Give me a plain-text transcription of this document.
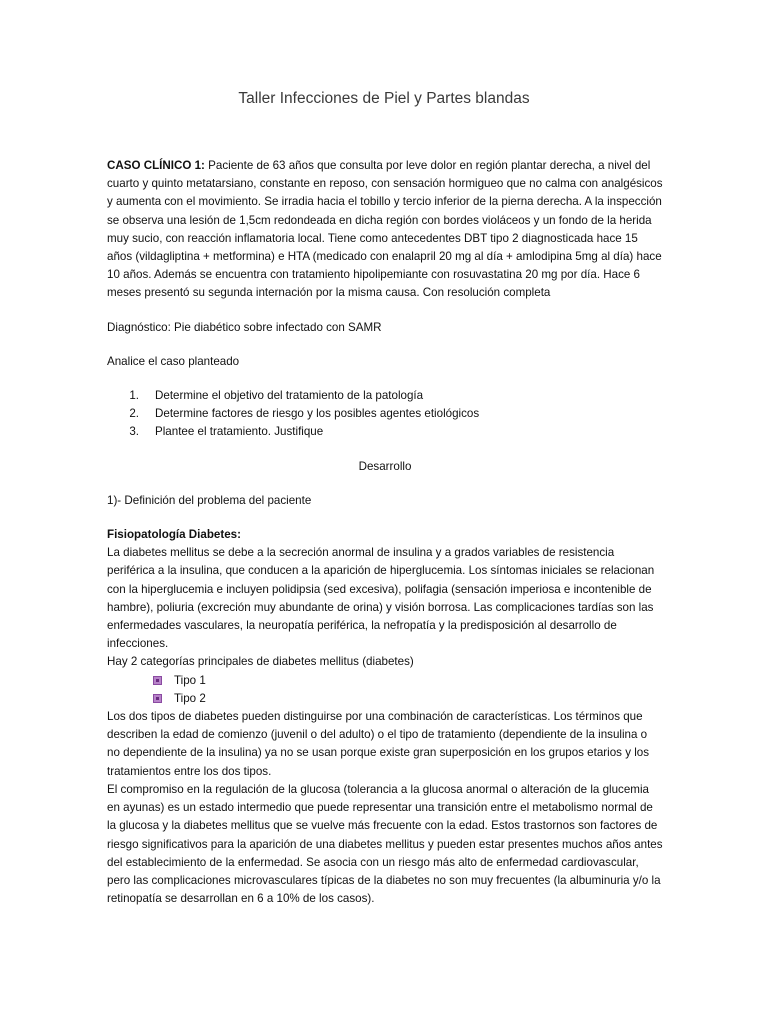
Taller Infecciones de Piel y Partes blandas

CASO CLÍNICO 1: Paciente de 63 años que consulta por leve dolor en región plantar derecha, a nivel del cuarto y quinto metatarsiano, constante en reposo, con sensación hormigueo que no calma con analgésicos y aumenta con el movimiento. Se irradia hacia el tobillo y tercio inferior de la pierna derecha. A la inspección se observa una lesión de 1,5cm redondeada en dicha región con bordes violáceos y un fondo de la herida muy sucio, con reacción inflamatoria local. Tiene como antecedentes DBT tipo 2 diagnosticada hace 15 años (vildagliptina + metformina) e HTA (medicado con enalapril 20 mg al día + amlodipina 5mg al día) hace 10 años. Además se encuentra con tratamiento hipolipemiante con rosuvastatina 20 mg por día. Hace 6 meses presentó su segunda internación por la misma causa. Con resolución completa

Diagnóstico: Pie diabético sobre infectado con SAMR

Analice el caso planteado

1.	Determine el objetivo del tratamiento de la patología
2.	Determine factores de riesgo y los posibles agentes etiológicos
3.	Plantee el tratamiento. Justifique

Desarrollo

1)- Definición del problema del paciente

Fisiopatología Diabetes:

La diabetes mellitus se debe a la secreción anormal de insulina y a grados variables de resistencia periférica a la insulina, que conducen a la aparición de hiperglucemia. Los síntomas iniciales se relacionan con la hiperglucemia e incluyen polidipsia (sed excesiva), polifagia (sensación imperiosa e incontenible de hambre), poliuria (excreción muy abundante de orina) y visión borrosa. Las complicaciones tardías son las enfermedades vasculares, la neuropatía periférica, la nefropatía y la predisposición al desarrollo de infecciones.

Hay 2 categorías principales de diabetes mellitus (diabetes)

Tipo 1
Tipo 2

Los dos tipos de diabetes pueden distinguirse por una combinación de características. Los términos que describen la edad de comienzo (juvenil o del adulto) o el tipo de tratamiento (dependiente de la insulina o no dependiente de la insulina) ya no se usan porque existe gran superposición en los grupos etarios y los tratamientos entre los dos tipos.

El compromiso en la regulación de la glucosa (tolerancia a la glucosa anormal o alteración de la glucemia en ayunas) es un estado intermedio que puede representar una transición entre el metabolismo normal de la glucosa y la diabetes mellitus que se vuelve más frecuente con la edad. Estos trastornos son factores de riesgo significativos para la aparición de una diabetes mellitus y pueden estar presentes muchos años antes del establecimiento de la enfermedad. Se asocia con un riesgo más alto de enfermedad cardiovascular, pero las complicaciones microvasculares típicas de la diabetes no son muy frecuentes (la albuminuria y/o la retinopatía se desarrollan en 6 a 10% de los casos).
